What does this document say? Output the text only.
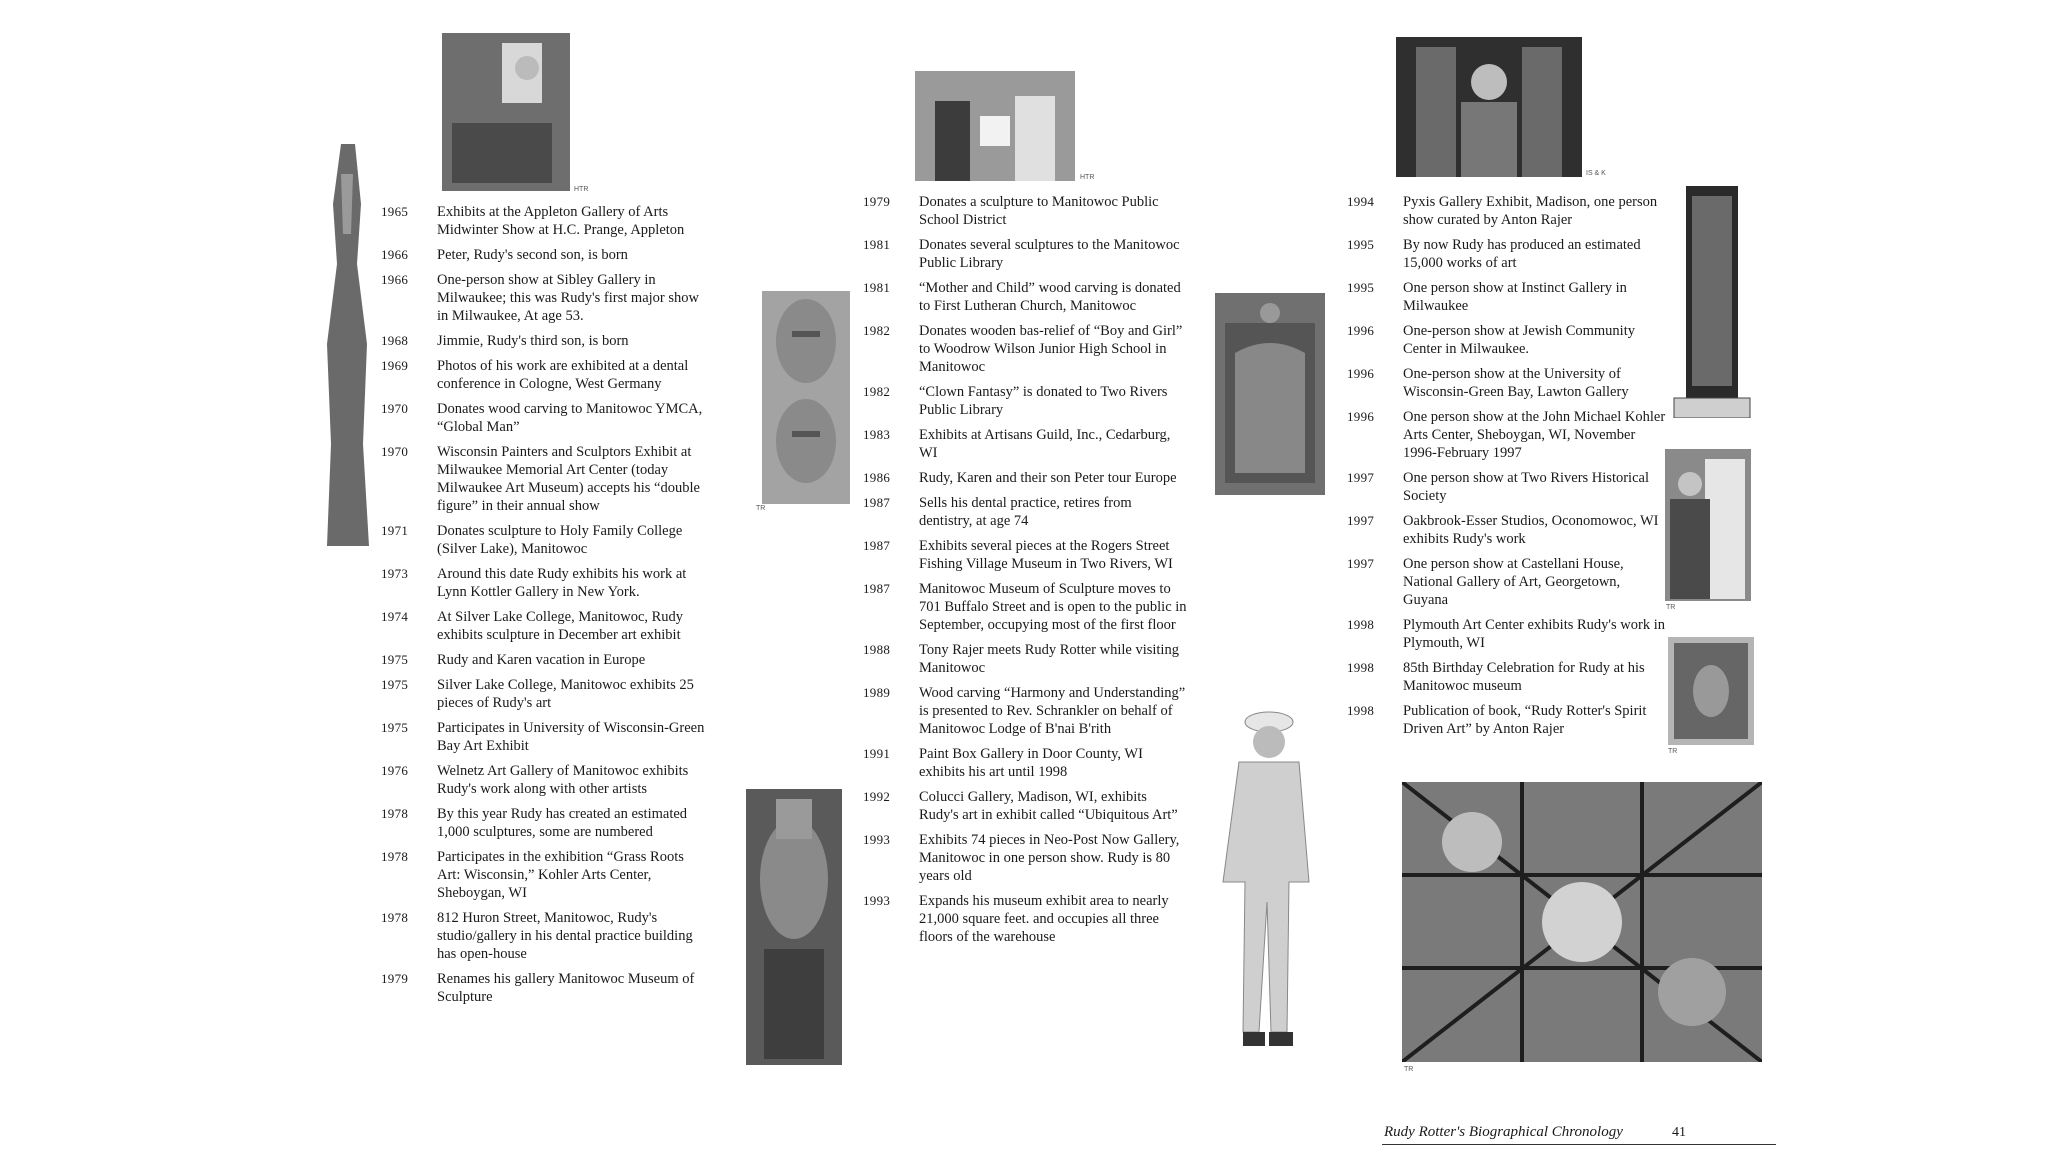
HTR
HTR
IS & K
TR
TR
TR
TR
1965	Exhibits at the Appleton Gallery of Arts Midwinter Show at H.C. Prange, Appleton
1966	Peter, Rudy's second son, is born
1966	One-person show at Sibley Gallery in Milwaukee; this was Rudy's first major show in Milwaukee, At age 53.
1968	Jimmie, Rudy's third son, is born
1969	Photos of his work are exhibited at a dental conference in Cologne, West Germany
1970	Donates wood carving to Manitowoc YMCA, “Global Man”
1970	Wisconsin Painters and Sculptors Exhibit at Milwaukee Memorial Art Center (today Milwaukee Art Museum) accepts his “double figure” in their annual show
1971	Donates sculpture to Holy Family College (Silver Lake), Manitowoc
1973	Around this date Rudy exhibits his work at Lynn Kottler Gallery in New York.
1974	At Silver Lake College, Manitowoc, Rudy exhibits sculpture in December art exhibit
1975	Rudy and Karen vacation in Europe
1975	Silver Lake College, Manitowoc exhibits 25 pieces of Rudy's art
1975	Participates in University of Wisconsin-Green Bay Art Exhibit
1976	Welnetz Art Gallery of Manitowoc exhibits Rudy's work along with other artists
1978	By this year Rudy has created an estimated 1,000 sculptures, some are numbered
1978	Participates in the exhibition “Grass Roots Art: Wisconsin,” Kohler Arts Center, Sheboygan, WI
1978	812 Huron Street, Manitowoc, Rudy's studio/gallery in his dental practice building has open-house
1979	Renames his gallery Manitowoc Museum of Sculpture
1979	Donates a sculpture to Manitowoc Public School District
1981	Donates several sculptures to the Manitowoc Public Library
1981	“Mother and Child” wood carving is donated to First Lutheran Church, Manitowoc
1982	Donates wooden bas-relief of “Boy and Girl” to Woodrow Wilson Junior High School in Manitowoc
1982	“Clown Fantasy” is donated to Two Rivers Public Library
1983	Exhibits at Artisans Guild, Inc., Cedarburg, WI
1986	Rudy, Karen and their son Peter tour Europe
1987	Sells his dental practice, retires from dentistry, at age 74
1987	Exhibits several pieces at the Rogers Street Fishing Village Museum in Two Rivers, WI
1987	Manitowoc Museum of Sculpture moves to 701 Buffalo Street and is open to the public in September, occupying most of the first floor
1988	Tony Rajer meets Rudy Rotter while visiting Manitowoc
1989	Wood carving “Harmony and Understanding” is presented to Rev. Schrankler on behalf of Manitowoc Lodge of B'nai B'rith
1991	Paint Box Gallery in Door County, WI exhibits his art until 1998
1992	Colucci Gallery, Madison, WI, exhibits Rudy's art in exhibit called “Ubiquitous Art”
1993	Exhibits 74 pieces in Neo-Post Now Gallery, Manitowoc in one person show. Rudy is 80 years old
1993	Expands his museum exhibit area to nearly 21,000 square feet. and occupies all three floors of the warehouse
1994	Pyxis Gallery Exhibit, Madison, one person show curated by Anton Rajer
1995	By now Rudy has produced an estimated 15,000 works of art
1995	One person show at Instinct Gallery in Milwaukee
1996	One-person show at Jewish Community Center in Milwaukee.
1996	One-person show at the University of Wisconsin-Green Bay, Lawton Gallery
1996	One person show at the John Michael Kohler Arts Center, Sheboygan, WI, November 1996-February 1997
1997	One person show at Two Rivers Historical Society
1997	Oakbrook-Esser Studios, Oconomowoc, WI exhibits Rudy's work
1997	One person show at Castellani House, National Gallery of Art, Georgetown, Guyana
1998	Plymouth Art Center exhibits Rudy's work in Plymouth, WI
1998	85th Birthday Celebration for Rudy at his Manitowoc museum
1998	Publication of book, “Rudy Rotter's Spirit Driven Art” by Anton Rajer
Rudy Rotter's Biographical Chronology	41
